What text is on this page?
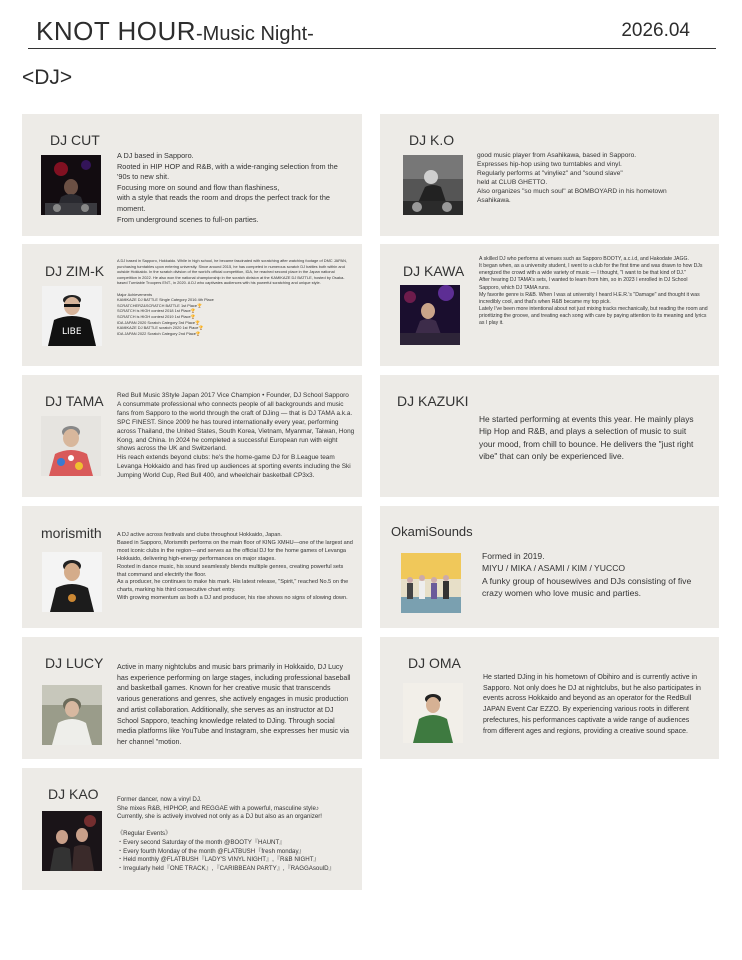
KNOT HOUR -Music Night-	2026.04
<DJ>
DJ CUT
A DJ based in Sapporo.
Rooted in HIP HOP and R&B, with a wide-ranging selection from the '90s to new shit.
Focusing more on sound and flow than flashiness,
with a style that reads the room and drops the perfect track for the moment.
From underground scenes to full-on parties.
DJ K.O
good music player from Asahikawa, based in Sapporo.
Expresses hip-hop using two turntables and vinyl.
Regularly performs at "vinyliez" and "sound slave"
held at CLUB GHETTO.
Also organizes "so much soul" at BOMBOYARD in his hometown Asahikawa.
DJ ZIM-K
LIBE
A DJ based in Sapporo, Hokkaido. While in high school, he became fascinated with scratching after watching footage of DMC JAPAN, purchasing turntables upon entering university. Since around 2015, he has competed in numerous scratch DJ battles both within and outside Hokkaido. In the scratch division of the world's official competition, IDA, he reached second place in the Japan national competition in 2022. He also won the national championship in the scratch division at the KAMIKAZE DJ BATTLE, hosted by Osaka-based Turntable Troopers ENT., in 2020. A DJ who captivates audiences with his powerful scratching and unique style.

Major Achievements
KAMIKAZE DJ BATTLE Single Category 2016 4th Place
SCRATCHERZ&SCRATCH BATTLE 1st Place🏆
SCRATCH is HIGH contest 2018 1st Place🏆
SCRATCH is HIGH contest 2019 1st Place🏆
IDA JAPAN 2020 Scratch Category 3rd Place🏆
KAMIKAZE DJ BATTLE scratch 2020 1st Place🏆
IDA JAPAN 2022 Scratch Category 2nd Place🏆
DJ KAWA
A skilled DJ who performs at venues such as Sapporo BOOTY, a.c.i.d, and Hakodate JAGG.
It began when, as a university student, I went to a club for the first time and was drawn to how DJs energized the crowd with a wide variety of music — I thought, "I want to be that kind of DJ."
After hearing DJ TAMA's sets, I wanted to learn from him, so in 2023 I enrolled in DJ School Sapporo, which DJ TAMA runs.
My favorite genre is R&B. When I was at university I heard H.E.R.'s "Damage" and thought it was incredibly cool, and that's when R&B became my top pick.
Lately I've been more intentional about not just mixing tracks mechanically, but reading the room and prioritizing the groove, and treating each song with care by paying attention to its meaning and lyrics as I play it.
DJ TAMA Red Bull Music 3Style Japan 2017 Vice Champion • Founder, DJ School Sapporo
A consummate professional who connects people of all backgrounds and music fans from Sapporo to the world through the craft of DJing — that is DJ TAMA a.k.a. SPC FINEST. Since 2009 he has toured internationally every year, performing across Thailand, the United States, South Korea, Vietnam, Myanmar, Taiwan, Hong Kong, and China. In 2024 he completed a successful European run with eight shows across the UK and Switzerland.
His reach extends beyond clubs: he's the home-game DJ for B.League team Levanga Hokkaido and has fired up audiences at sporting events including the Ski Jumping World Cup, Red Bull 400, and wheelchair basketball CP3x3.
DJ KAZUKI
He started performing at events this year. He mainly plays Hip Hop and R&B, and plays a selection of music to suit your mood, from chill to bounce. He delivers the "just right vibe" that can only be experienced live.
morismith	A DJ active across festivals and clubs throughout Hokkaido, Japan.
Based in Sapporo, Morismith performs on the main floor of KING XMHU—one of the largest and most iconic clubs in the region—and serves as the official DJ for the home games of Levanga Hokkaido, delivering high-energy performances on major stages.
Rooted in dance music, his sound seamlessly blends multiple genres, creating powerful sets that command and electrify the floor.
As a producer, he continues to make his mark. His latest release, "Spirit," reached No.5 on the charts, marking his third consecutive chart entry.
With growing momentum as both a DJ and producer, his rise shows no signs of slowing down.
OkamiSounds
Formed in 2019.
MIYU / MIKA / ASAMI / KIM / YUCCO
A funky group of housewives and DJs consisting of five crazy women who love music and parties.
DJ LUCY Active in many nightclubs and music bars primarily in Hokkaido, DJ Lucy has experience performing on large stages, including professional baseball and basketball games. Known for her creative music that transcends various generations and genres, she actively engages in music production and artist collaboration. Additionally, she serves as an instructor at DJ School Sapporo, teaching knowledge related to DJing. Through social media platforms like YouTube and Instagram, she expresses her music via her channel "motion.
DJ OMA
He started DJing in his hometown of Obihiro and is currently active in Sapporo. Not only does he DJ at nightclubs, but he also participates in events across Hokkaido and beyond as an operator for the RedBull JAPAN Event Car EZZO. By experiencing various roots in different prefectures, his performances captivate a wide range of audiences from different ages and regions, providing a creative sound space.
DJ KAO	Former dancer, now a vinyl DJ.
She mixes R&B, HIPHOP, and REGGAE with a powerful, masculine style♪
Currently, she is actively involved not only as a DJ but also as an organizer!

《Regular Events》
・Every second Saturday of the month @BOOTY『HAUNT』
・Every fourth Monday of the month @FLATBUSH『fresh monday』
・Held monthly @FLATBUSH『LADY'S VINYL NIGHT』,『R&B NIGHT』
・Irregularly held『ONE TRACK』,『CARIBBEAN PARTY』,『RAGGAsoulD』
